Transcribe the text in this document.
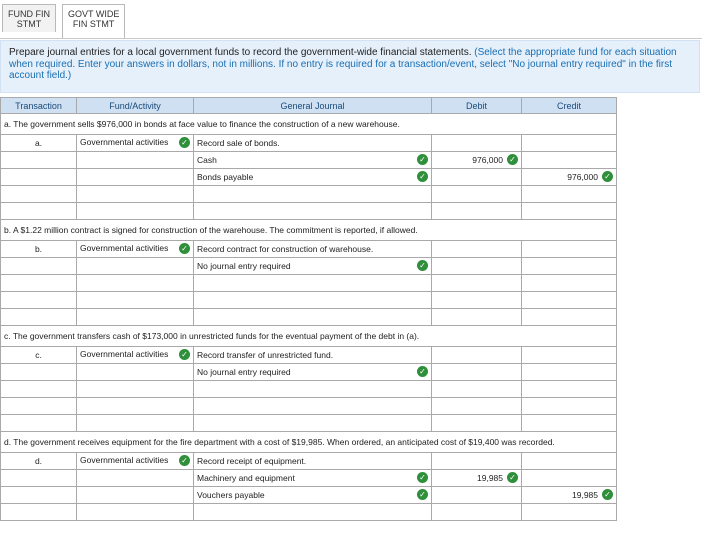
FUND FIN
STMT
GOVT WIDE
FIN STMT
Prepare journal entries for a local government funds to record the government-wide financial statements. (Select the appropriate fund for each situation when required. Enter your answers in dollars, not in millions. If no entry is required for a transaction/event, select "No journal entry required" in the first account field.)
Transaction	Fund/Activity	General Journal	Debit	Credit
a. The government sells $976,000 in bonds at face value to finance the construction of a new warehouse.				
a.	Governmental activities ✓	Record sale of bonds.		
		Cash ✓	976,000 ✓	

		Bonds payable ✓		976,000 ✓

b. A $1.22 million contract is signed for construction of the warehouse. The commitment is reported, if allowed.				
b.	Governmental activities ✓	Record contract for construction of warehouse.		
		No journal entry required ✓		

c. The government transfers cash of $173,000 in unrestricted funds for the eventual payment of the debt in (a).				
c.	Governmental activities ✓	Record transfer of unrestricted fund.		
		No journal entry required ✓		

d. The government receives equipment for the fire department with a cost of $19,985. When ordered, an anticipated cost of $19,400 was recorded.				
d.	Governmental activities ✓	Record receipt of equipment.		
		Machinery and equipment ✓	19,985 ✓	

		Vouchers payable ✓		19,985 ✓
